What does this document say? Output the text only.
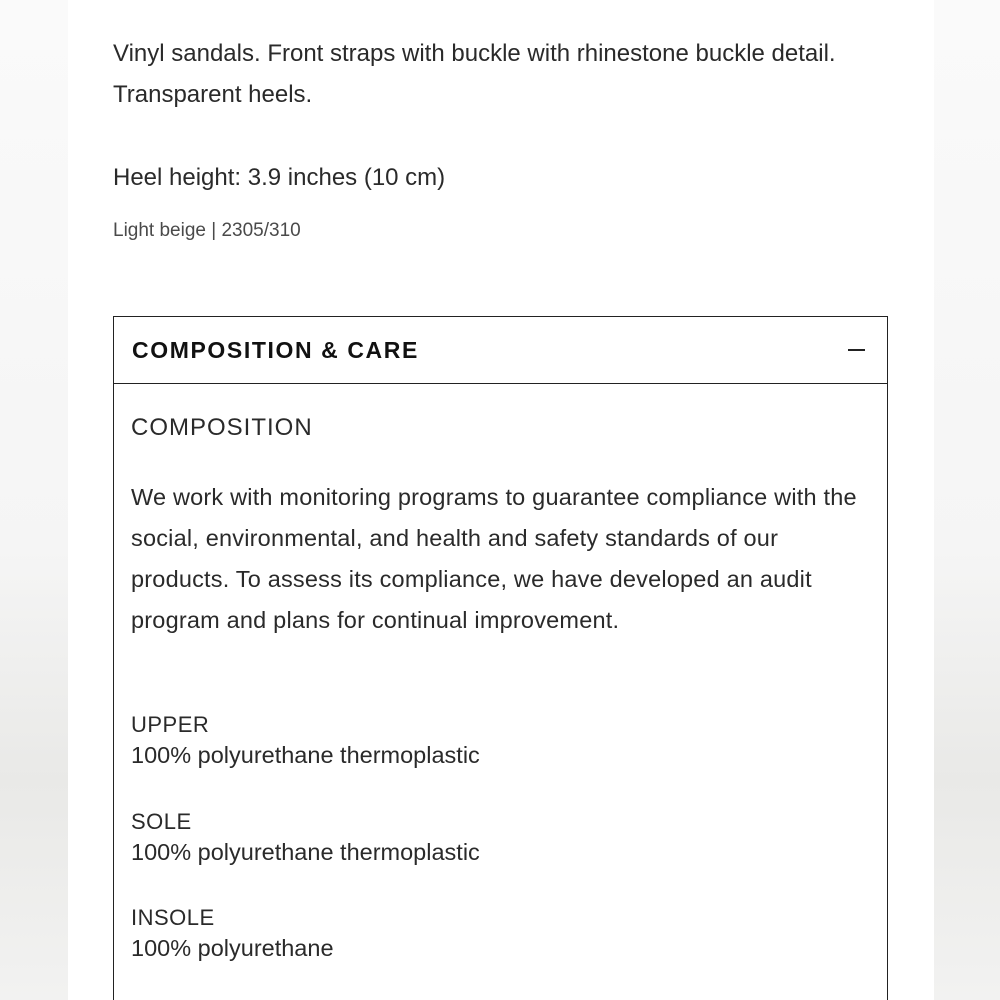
Vinyl sandals. Front straps with buckle with rhinestone buckle detail. Transparent heels.

Heel height: 3.9 inches (10 cm)
Light beige | 2305/310
COMPOSITION & CARE
COMPOSITION

We work with monitoring programs to guarantee compliance with the social, environmental, and health and safety standards of our products. To assess its compliance, we have developed an audit program and plans for continual improvement.

UPPER
100% polyurethane thermoplastic
SOLE
100% polyurethane thermoplastic
INSOLE
100% polyurethane
